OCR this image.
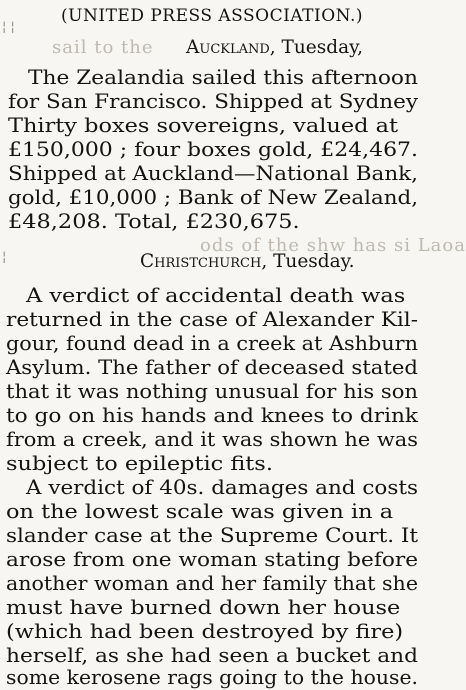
¦ ¦
¦
(UNITED PRESS ASSOCIATION.)
sail to the Auckland, Tuesday,
The Zealandia sailed this afternoon
for San Francisco. Shipped at Sydney
Thirty boxes sovereigns, valued at
£150,000 ; four boxes gold, £24,467.
Shipped at Auckland—National Bank,
gold, £10,000 ; Bank of New Zealand,
£48,208. Total, £230,675.
ods of the shw has si Laoa
Christchurch, Tuesday.
A verdict of accidental death was
returned in the case of Alexander Kil-
gour, found dead in a creek at Ashburn
Asylum. The father of deceased stated
that it was nothing unusual for his son
to go on his hands and knees to drink
from a creek, and it was shown he was
subject to epileptic fits.
A verdict of 40s. damages and costs
on the lowest scale was given in a
slander case at the Supreme Court. It
arose from one woman stating before
another woman and her family that she
must have burned down her house
(which had been destroyed by fire)
herself, as she had seen a bucket and
some kerosene rags going to the house.
